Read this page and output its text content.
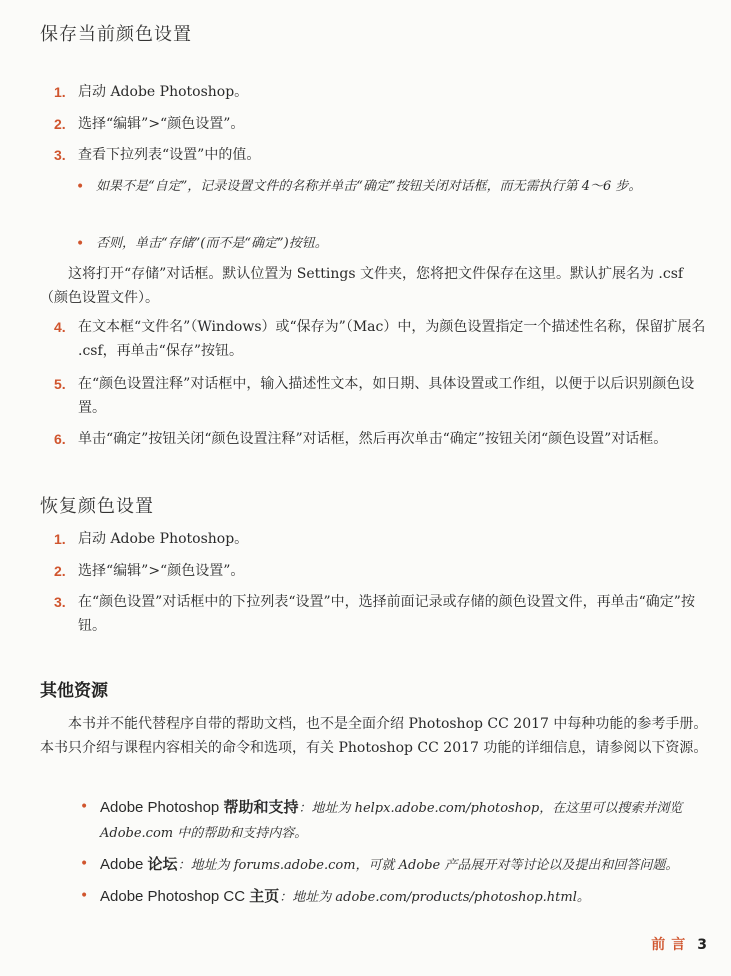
保存当前颜色设置
1. 启动 Adobe Photoshop。
2. 选择“编辑”>“颜色设置”。
3. 查看下拉列表“设置”中的值。
• 如果不是“自定”，记录设置文件的名称并单击“确定”按钮关闭对话框，而无需执行第 4～6 步。
• 否则，单击“存储”(而不是“确定”)按钮。
这将打开“存储”对话框。默认位置为 Settings 文件夹，您将把文件保存在这里。默认扩展名为 .csf（颜色设置文件）。
4. 在文本框“文件名”（Windows）或“保存为”（Mac）中，为颜色设置指定一个描述性名称，保留扩展名 .csf，再单击“保存”按钮。
5. 在“颜色设置注释”对话框中，输入描述性文本，如日期、具体设置或工作组，以便于以后识别颜色设置。
6. 单击“确定”按钮关闭“颜色设置注释”对话框，然后再次单击“确定”按钮关闭“颜色设置”对话框。
恢复颜色设置
1. 启动 Adobe Photoshop。
2. 选择“编辑”>“颜色设置”。
3. 在“颜色设置”对话框中的下拉列表“设置”中，选择前面记录或存储的颜色设置文件，再单击“确定”按钮。
其他资源
本书并不能代替程序自带的帮助文档，也不是全面介绍 Photoshop CC 2017 中每种功能的参考手册。本书只介绍与课程内容相关的命令和选项，有关 Photoshop CC 2017 功能的详细信息，请参阅以下资源。
• Adobe Photoshop 帮助和支持：地址为 helpx.adobe.com/photoshop，在这里可以搜索并浏览 Adobe.com 中的帮助和支持内容。
• Adobe 论坛：地址为 forums.adobe.com，可就 Adobe 产品展开对等讨论以及提出和回答问题。
• Adobe Photoshop CC 主页：地址为 adobe.com/products/photoshop.html。
前言 3
